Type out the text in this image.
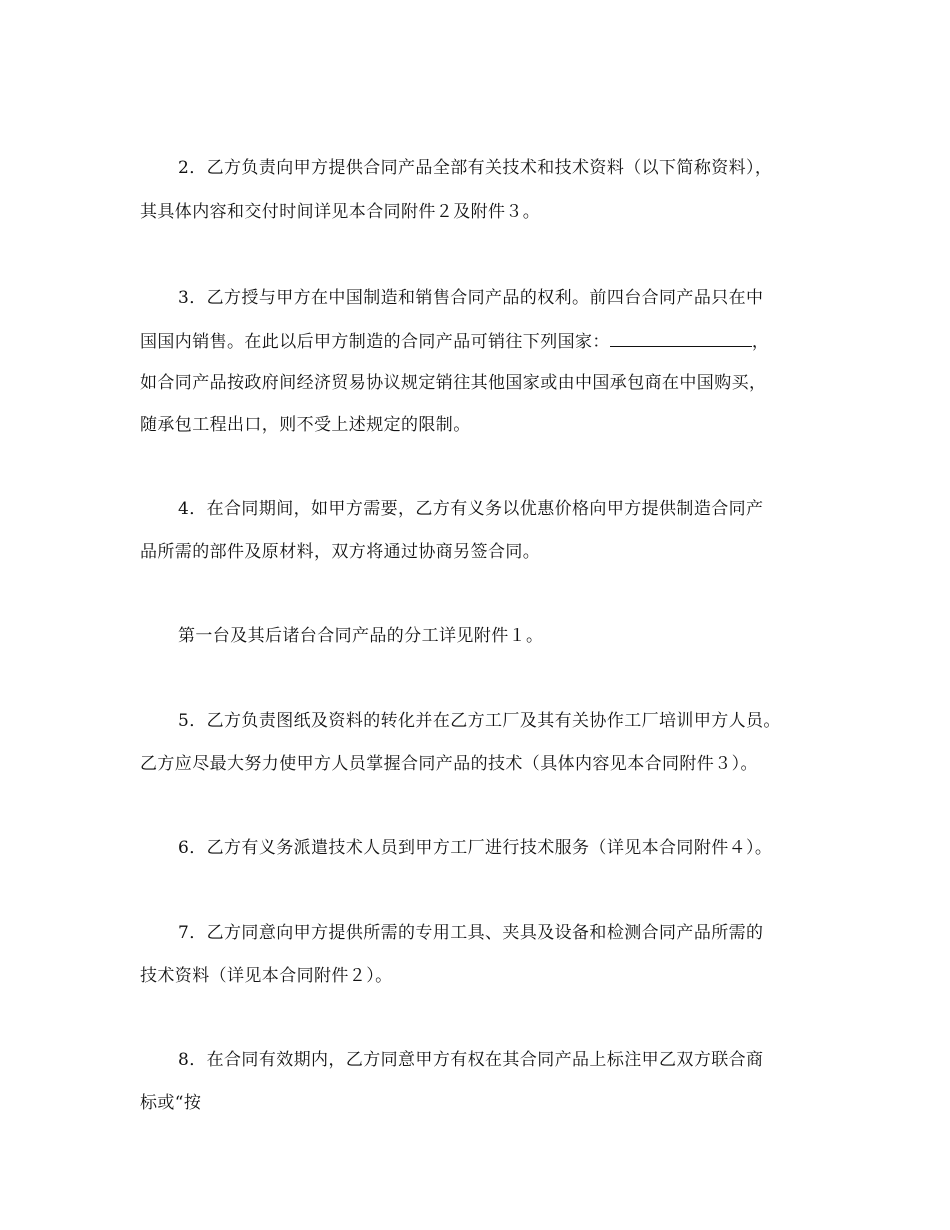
2．乙方负责向甲方提供合同产品全部有关技术和技术资料（以下简称资料），
其具体内容和交付时间详见本合同附件２及附件３。
3．乙方授与甲方在中国制造和销售合同产品的权利。前四台合同产品只在中
国国内销售。在此以后甲方制造的合同产品可销往下列国家：	，
如合同产品按政府间经济贸易协议规定销往其他国家或由中国承包商在中国购买，
随承包工程出口，则不受上述规定的限制。
4．在合同期间，如甲方需要，乙方有义务以优惠价格向甲方提供制造合同产
品所需的部件及原材料，双方将通过协商另签合同。
第一台及其后诸台合同产品的分工详见附件１。
5．乙方负责图纸及资料的转化并在乙方工厂及其有关协作工厂培训甲方人员。
乙方应尽最大努力使甲方人员掌握合同产品的技术（具体内容见本合同附件３）。
6．乙方有义务派遣技术人员到甲方工厂进行技术服务（详见本合同附件４）。
7．乙方同意向甲方提供所需的专用工具、夹具及设备和检测合同产品所需的
技术资料（详见本合同附件２）。
8．在合同有效期内，乙方同意甲方有权在其合同产品上标注甲乙双方联合商
标或“按
